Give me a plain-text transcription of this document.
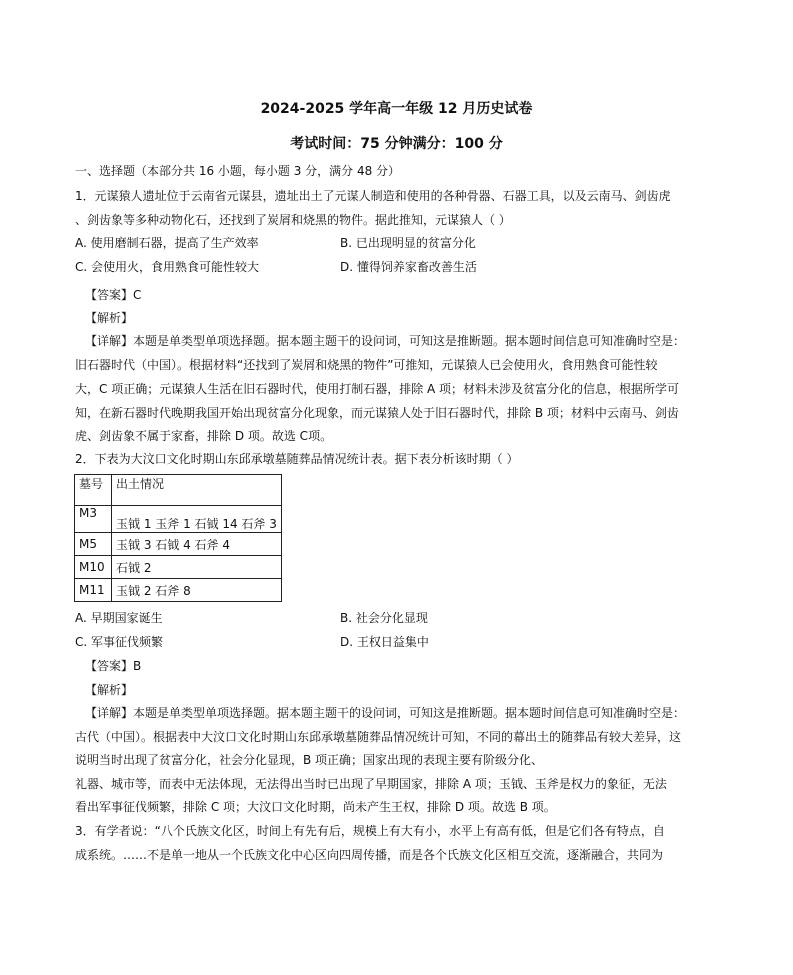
2024-2025 学年高一年级 12 月历史试卷
考试时间：75 分钟满分：100 分
一、选择题（本部分共 16 小题，每小题 3 分，满分 48 分）
1．元谋猿人遗址位于云南省元谋县，遗址出土了元谋人制造和使用的各种骨器、石器工具，以及云南马、剑齿虎
、剑齿象等多种动物化石，还找到了炭屑和烧黑的物件。据此推知，元谋猿人（ ）
A. 使用磨制石器，提高了生产效率	B. 已出现明显的贫富分化
C. 会使用火，食用熟食可能性较大	D. 懂得饲养家畜改善生活
【答案】C
【解析】
【详解】本题是单类型单项选择题。据本题主题干的设问词，可知这是推断题。据本题时间信息可知准确时空是：
旧石器时代（中国）。根据材料“还找到了炭屑和烧黑的物件”可推知，元谋猿人已会使用火，食用熟食可能性较
大，C 项正确；元谋猿人生活在旧石器时代，使用打制石器，排除 A 项；材料未涉及贫富分化的信息，根据所学可
知，在新石器时代晚期我国开始出现贫富分化现象，而元谋猿人处于旧石器时代，排除 B 项；材料中云南马、剑齿
虎、剑齿象不属于家畜，排除 D 项。故选 C项。
2．下表为大汶口文化时期山东邱承墩墓随葬品情况统计表。据下表分析该时期（ ）
墓号	出土情况
M3	玉钺 1 玉斧 1 石钺 14 石斧 3
M5	玉钺 3 石钺 4 石斧 4
M10	石钺 2
M11	玉钺 2 石斧 8
A. 早期国家诞生	B. 社会分化显现
C. 军事征伐频繁	D. 王权日益集中
【答案】B
【解析】
【详解】本题是单类型单项选择题。据本题主题干的设问词，可知这是推断题。据本题时间信息可知准确时空是：
古代（中国）。根据表中大汶口文化时期山东邱承墩墓随葬品情况统计可知，不同的幕出土的随葬品有较大差异，这
说明当时出现了贫富分化，社会分化显现，B 项正确；国家出现的表现主要有阶级分化、
礼器、城市等，而表中无法体现，无法得出当时已出现了早期国家，排除 A 项；玉钺、玉斧是权力的象征，无法
看出军事征伐频繁，排除 C 项；大汶口文化时期，尚未产生王权，排除 D 项。故选 B 项。
3．有学者说：“八个氏族文化区，时间上有先有后，规模上有大有小，水平上有高有低，但是它们各有特点，自
成系统。……不是单一地从一个氏族文化中心区向四周传播，而是各个氏族文化区相互交流，逐渐融合，共同为
